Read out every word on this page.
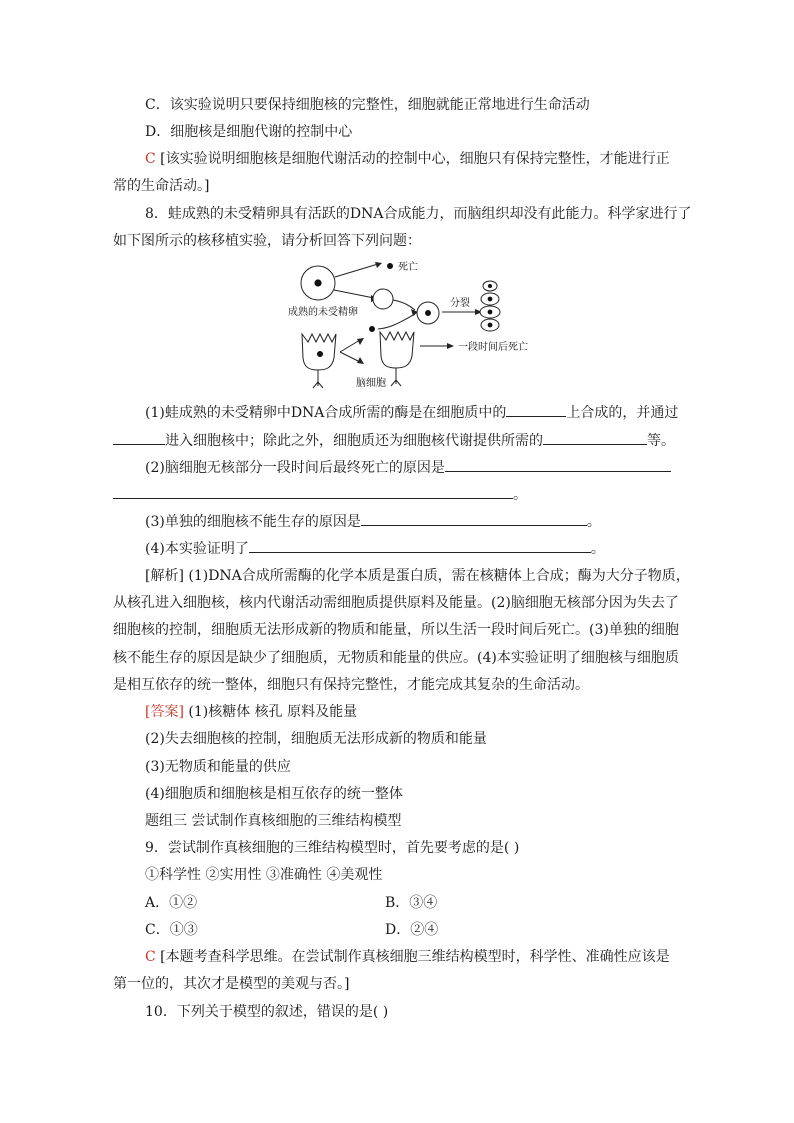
C．该实验说明只要保持细胞核的完整性，细胞就能正常地进行生命活动
D．细胞核是细胞代谢的控制中心
C [该实验说明细胞核是细胞代谢活动的控制中心，细胞只有保持完整性，才能进行正
常的生命活动。]
8．蛙成熟的未受精卵具有活跃的DNA合成能力，而脑组织却没有此能力。科学家进行了
如下图所示的核移植实验，请分析回答下列问题：
死亡
成熟的未受精卵
分裂
脑细胞
一段时间后死亡
(1)蛙成熟的未受精卵中DNA合成所需的酶是在细胞质中的	上合成的，并通过
进入细胞核中；除此之外，细胞质还为细胞核代谢提供所需的	等。
(2)脑细胞无核部分一段时间后最终死亡的原因是
。
(3)单独的细胞核不能生存的原因是	。
(4)本实验证明了	。
[解析] (1)DNA合成所需酶的化学本质是蛋白质，需在核糖体上合成；酶为大分子物质，
从核孔进入细胞核，核内代谢活动需细胞质提供原料及能量。(2)脑细胞无核部分因为失去了
细胞核的控制，细胞质无法形成新的物质和能量，所以生活一段时间后死亡。(3)单独的细胞
核不能生存的原因是缺少了细胞质，无物质和能量的供应。(4)本实验证明了细胞核与细胞质
是相互依存的统一整体，细胞只有保持完整性，才能完成其复杂的生命活动。
[答案] (1)核糖体 核孔 原料及能量
(2)失去细胞核的控制，细胞质无法形成新的物质和能量
(3)无物质和能量的供应
(4)细胞质和细胞核是相互依存的统一整体
题组三 尝试制作真核细胞的三维结构模型
9．尝试制作真核细胞的三维结构模型时，首先要考虑的是( )
①科学性 ②实用性 ③准确性 ④美观性
A．①②	B．③④
C．①③	D．②④
C [本题考查科学思维。在尝试制作真核细胞三维结构模型时，科学性、准确性应该是
第一位的，其次才是模型的美观与否。]
10．下列关于模型的叙述，错误的是( )
